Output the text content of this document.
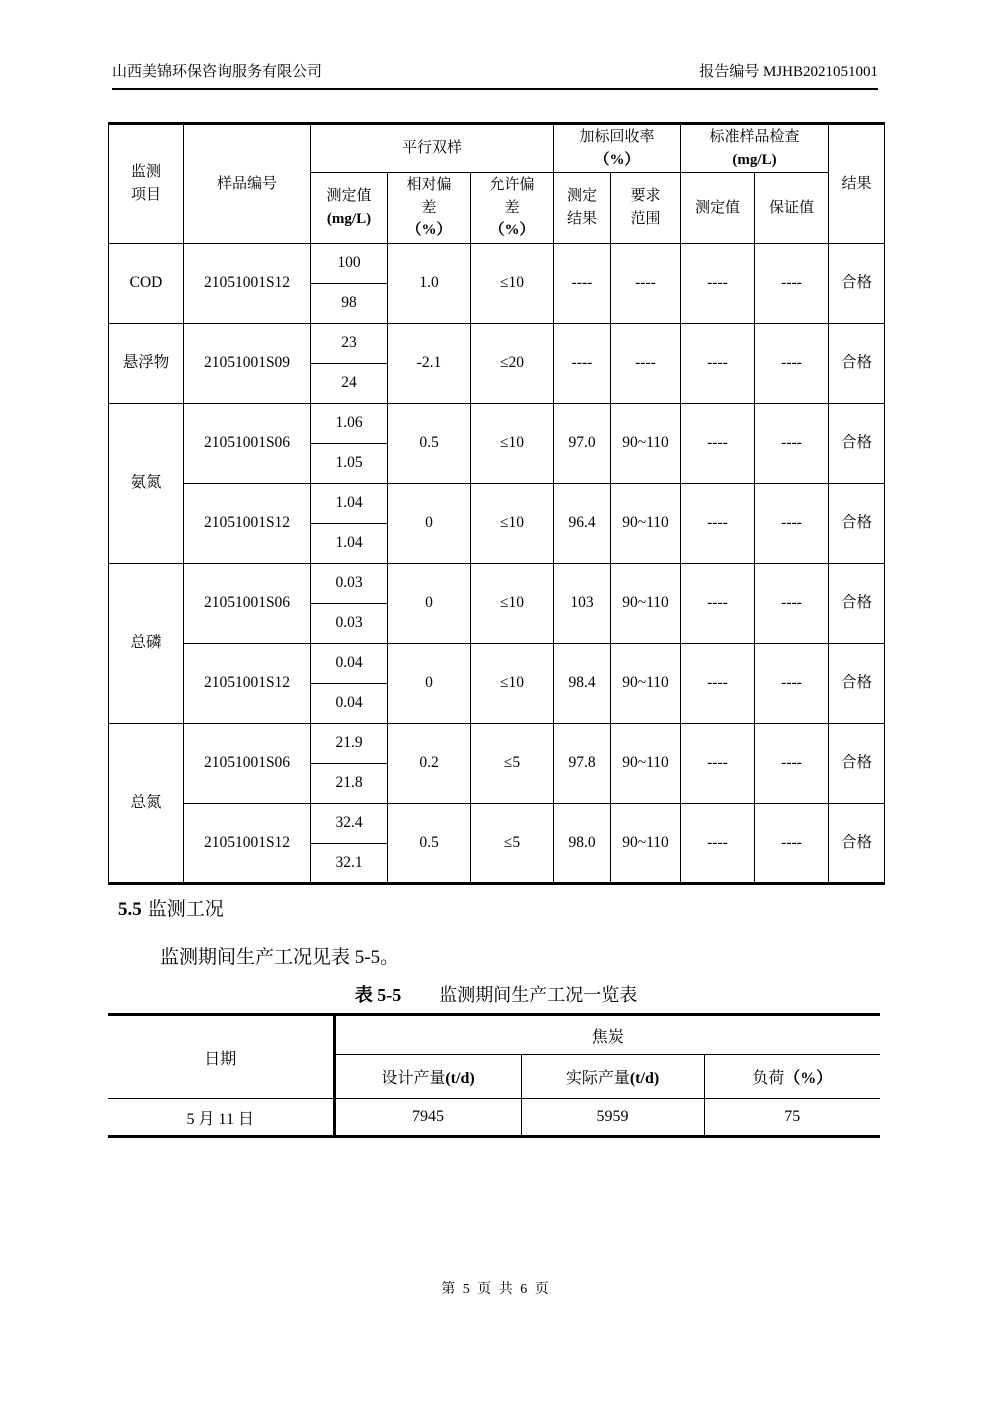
山西美锦环保咨询服务有限公司	报告编号 MJHB2021051001
监测项目	样品编号	平行双样			加标回收率（%）		标准样品检查(mg/L)		结果
		测定值(mg/L)	相对偏差（%）	允许偏差（%）	测定结果	要求范围	测定值	保证值	
COD	21051001S12	100	1.0	≤10	----	----	----	----	合格
		98							
悬浮物	21051001S09	23	-2.1	≤20	----	----	----	----	合格
		24							
氨氮	21051001S06	1.06	0.5	≤10	97.0	90~110	----	----	合格
		1.05							
	21051001S12	1.04	0	≤10	96.4	90~110	----	----	合格
		1.04							
总磷	21051001S06	0.03	0	≤10	103	90~110	----	----	合格
		0.03							
	21051001S12	0.04	0	≤10	98.4	90~110	----	----	合格
		0.04							
总氮	21051001S06	21.9	0.2	≤5	97.8	90~110	----	----	合格
		21.8							
	21051001S12	32.4	0.5	≤5	98.0	90~110	----	----	合格
		32.1							
5.5 监测工况
监测期间生产工况见表 5-5。
表 5-5 监测期间生产工况一览表
日期	焦炭		
	设计产量(t/d)	实际产量(t/d)	负荷（%）
5 月 11 日	7945	5959	75
第 5 页 共 6 页
